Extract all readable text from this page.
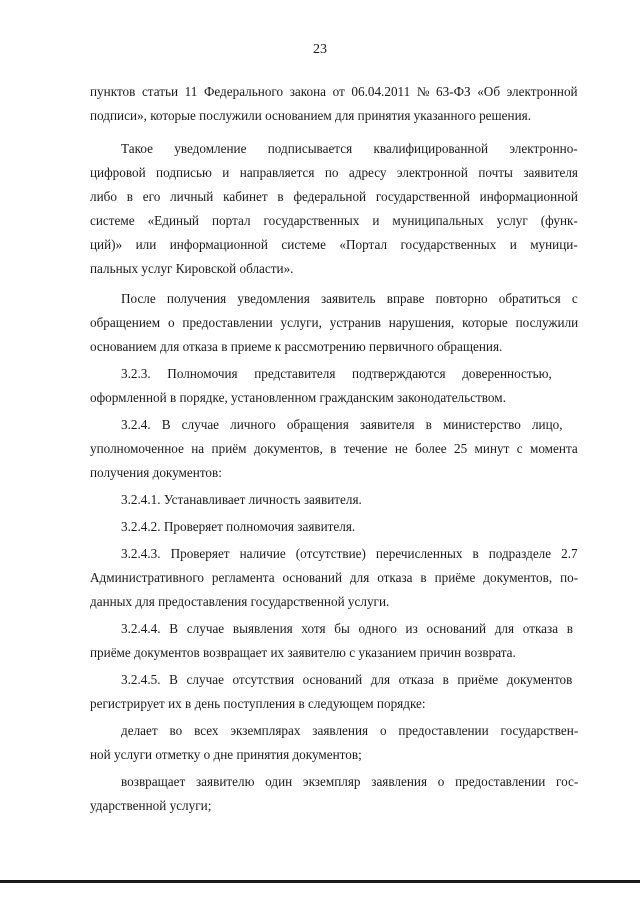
23
пунктов статьи 11 Федерального закона от 06.04.2011 № 63-ФЗ «Об электронной
подписи», которые послужили основанием для принятия указанного решения.
Такое уведомление подписывается квалифицированной электронно-
цифровой подписью и направляется по адресу электронной почты заявителя
либо в его личный кабинет в федеральной государственной информационной
системе «Единый портал государственных и муниципальных услуг (функ-
ций)» или информационной системе «Портал государственных и муници-
пальных услуг Кировской области».
После получения уведомления заявитель вправе повторно обратиться с
обращением о предоставлении услуги, устранив нарушения, которые послужили
основанием для отказа в приеме к рассмотрению первичного обращения.
3.2.3. Полномочия представителя подтверждаются доверенностью,
оформленной в порядке, установленном гражданским законодательством.
3.2.4. В случае личного обращения заявителя в министерство лицо,
уполномоченное на приём документов, в течение не более 25 минут с момента
получения документов:
3.2.4.1. Устанавливает личность заявителя.
3.2.4.2. Проверяет полномочия заявителя.
3.2.4.3. Проверяет наличие (отсутствие) перечисленных в подразделе 2.7
Административного регламента оснований для отказа в приёме документов, по-
данных для предоставления государственной услуги.
3.2.4.4. В случае выявления хотя бы одного из оснований для отказа в
приёме документов возвращает их заявителю с указанием причин возврата.
3.2.4.5. В случае отсутствия оснований для отказа в приёме документов
регистрирует их в день поступления в следующем порядке:
делает во всех экземплярах заявления о предоставлении государствен-
ной услуги отметку о дне принятия документов;
возвращает заявителю один экземпляр заявления о предоставлении гос-
ударственной услуги;
